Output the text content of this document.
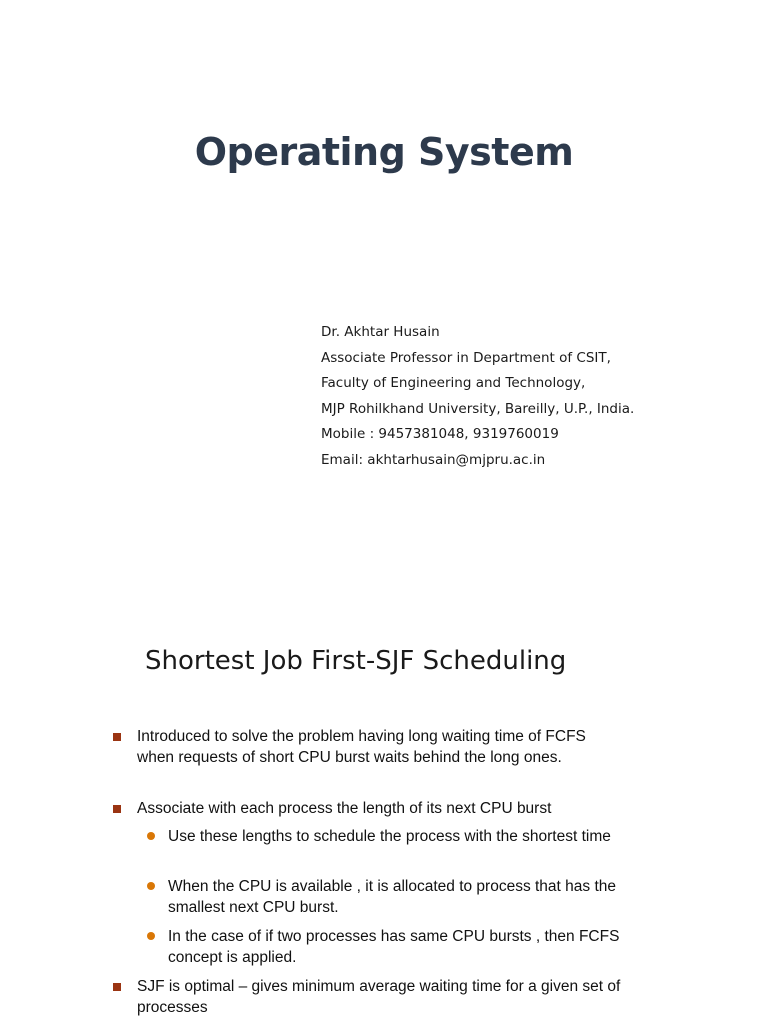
Operating System
Dr. Akhtar Husain
Associate Professor in Department of CSIT,
Faculty of Engineering and Technology,
MJP Rohilkhand University, Bareilly, U.P., India.
Mobile : 9457381048, 9319760019
Email: akhtarhusain@mjpru.ac.in
Shortest Job First-SJF Scheduling
Introduced to solve the problem having long waiting time of FCFS when requests of short CPU burst waits behind the long ones.
Associate with each process the length of its next CPU burst
Use these lengths to schedule the process with the shortest time
When the CPU is available , it is allocated to process that has the smallest next CPU burst.
In the case of if two processes has same CPU bursts , then FCFS concept is applied.
SJF is optimal – gives minimum average waiting time for a given set of processes
